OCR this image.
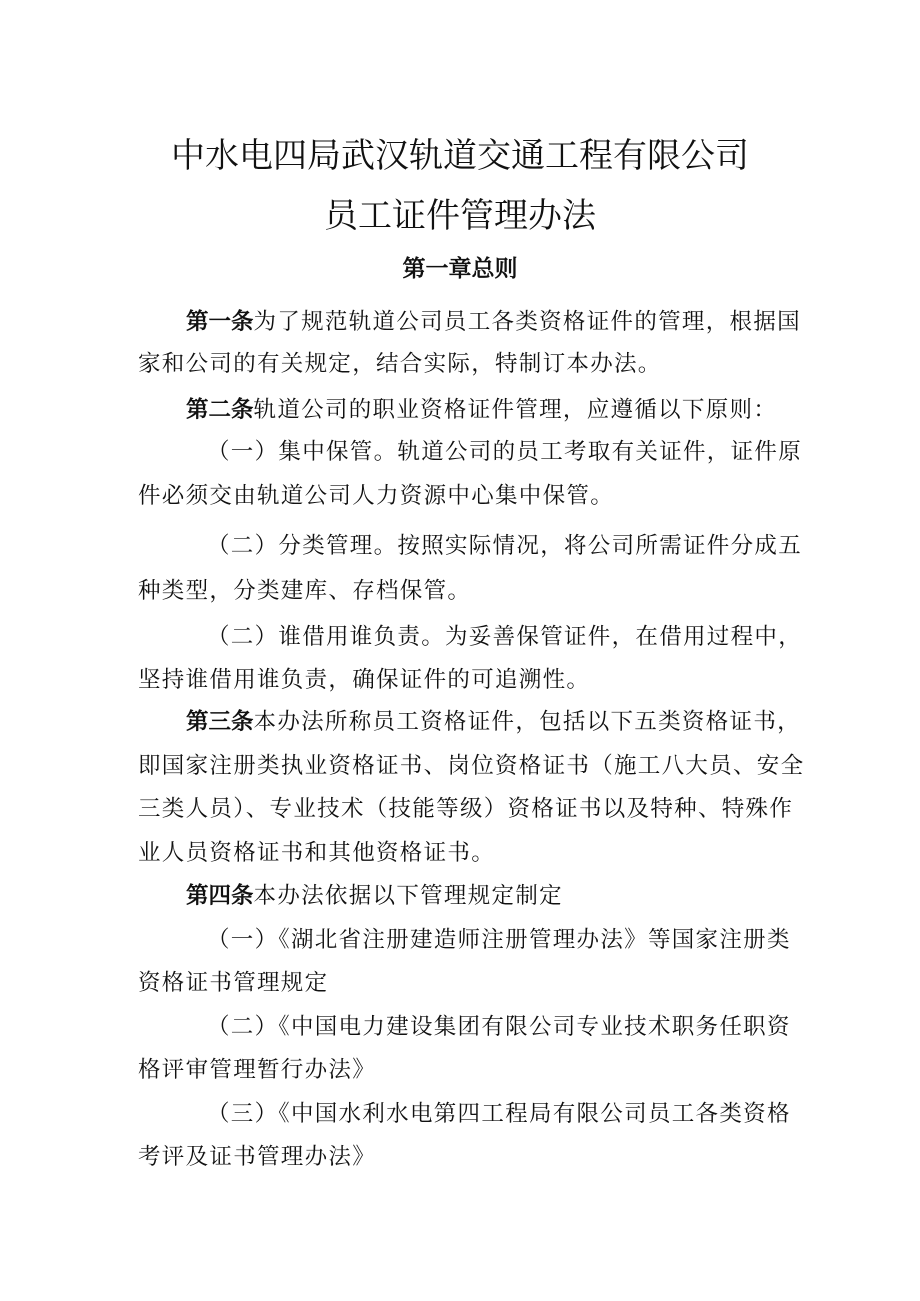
中水电四局武汉轨道交通工程有限公司
员工证件管理办法
第一章总则
第一条为了规范轨道公司员工各类资格证件的管理，根据国
家和公司的有关规定，结合实际，特制订本办法。
第二条轨道公司的职业资格证件管理，应遵循以下原则：
（一）集中保管。轨道公司的员工考取有关证件，证件原
件必须交由轨道公司人力资源中心集中保管。
（二）分类管理。按照实际情况，将公司所需证件分成五
种类型，分类建库、存档保管。
（二）谁借用谁负责。为妥善保管证件，在借用过程中，
坚持谁借用谁负责，确保证件的可追溯性。
第三条本办法所称员工资格证件，包括以下五类资格证书，
即国家注册类执业资格证书、岗位资格证书（施工八大员、安全
三类人员）、专业技术（技能等级）资格证书以及特种、特殊作
业人员资格证书和其他资格证书。
第四条本办法依据以下管理规定制定
（一）《湖北省注册建造师注册管理办法》等国家注册类
资格证书管理规定
（二）《中国电力建设集团有限公司专业技术职务任职资
格评审管理暂行办法》
（三）《中国水利水电第四工程局有限公司员工各类资格
考评及证书管理办法》
